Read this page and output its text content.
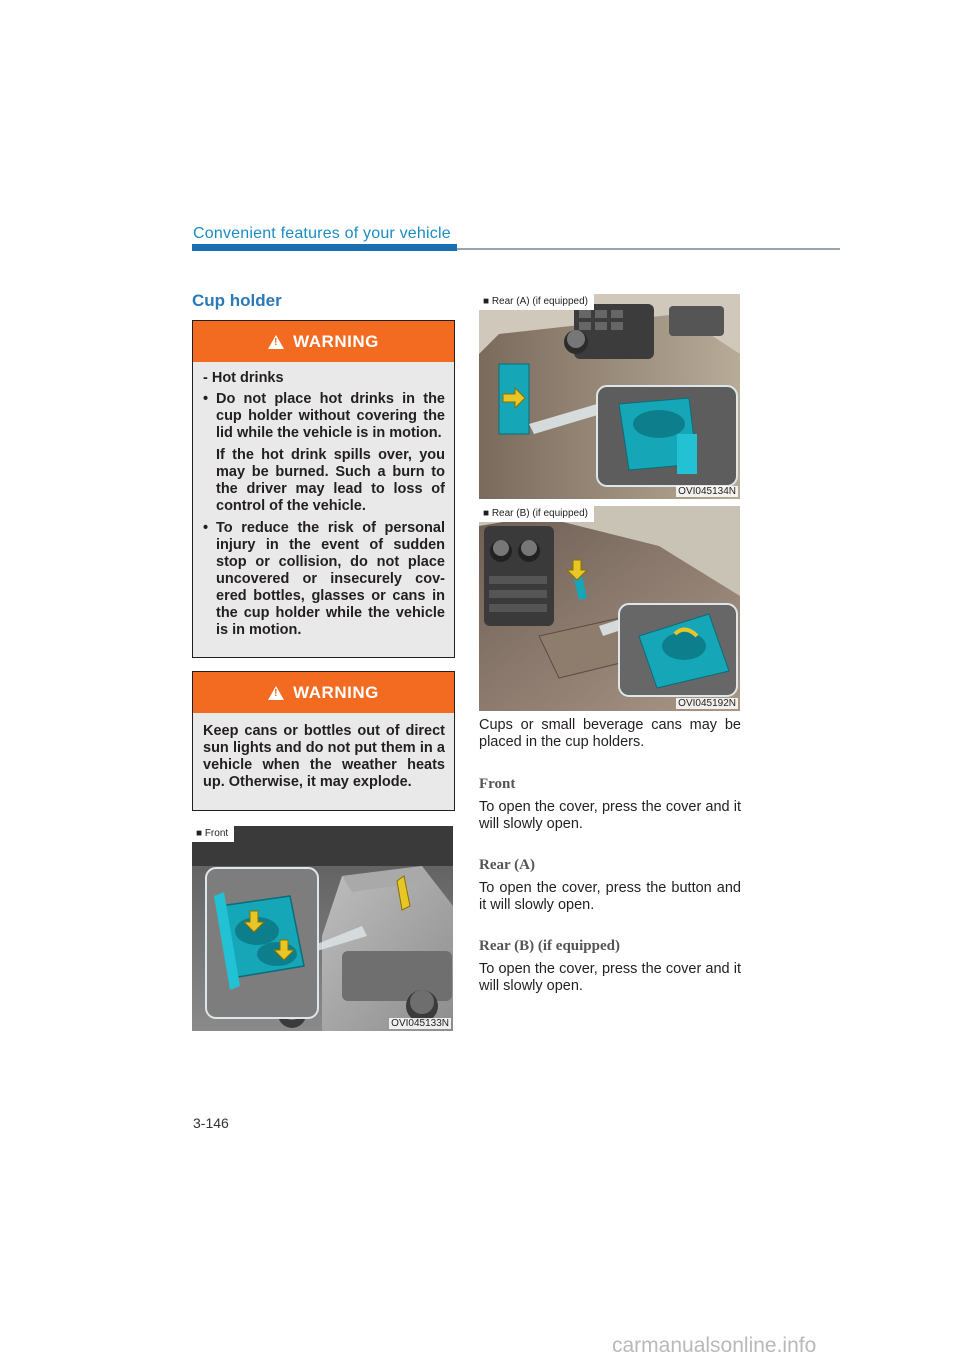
Convenient features of your vehicle
Cup holder
!
WARNING

- Hot drinks

• Do not place hot drinks in the cup holder without covering the lid while the vehicle is in motion.

If the hot drink spills over, you may be burned. Such a burn to the driver may lead to loss of control of the vehicle.

• To reduce the risk of personal injury in the event of sudden stop or collision, do not place uncovered or insecurely cov- ered bottles, glasses or cans in the cup holder while the vehicle is in motion.

!
WARNING

Keep cans or bottles out of direct sun lights and do not put them in a vehicle when the weather heats up. Otherwise, it may explode.

■ Front
OVI045133N
■ Rear (A) (if equipped)
OVI045134N
■ Rear (B) (if equipped)
OVI045192N
Cups or small beverage cans may be placed in the cup holders.
Front
To open the cover, press the cover and it will slowly open.
Rear (A)
To open the cover, press the button and it will slowly open.
Rear (B) (if equipped)
To open the cover, press the cover and it will slowly open.
3-146
carmanualsonline.info
